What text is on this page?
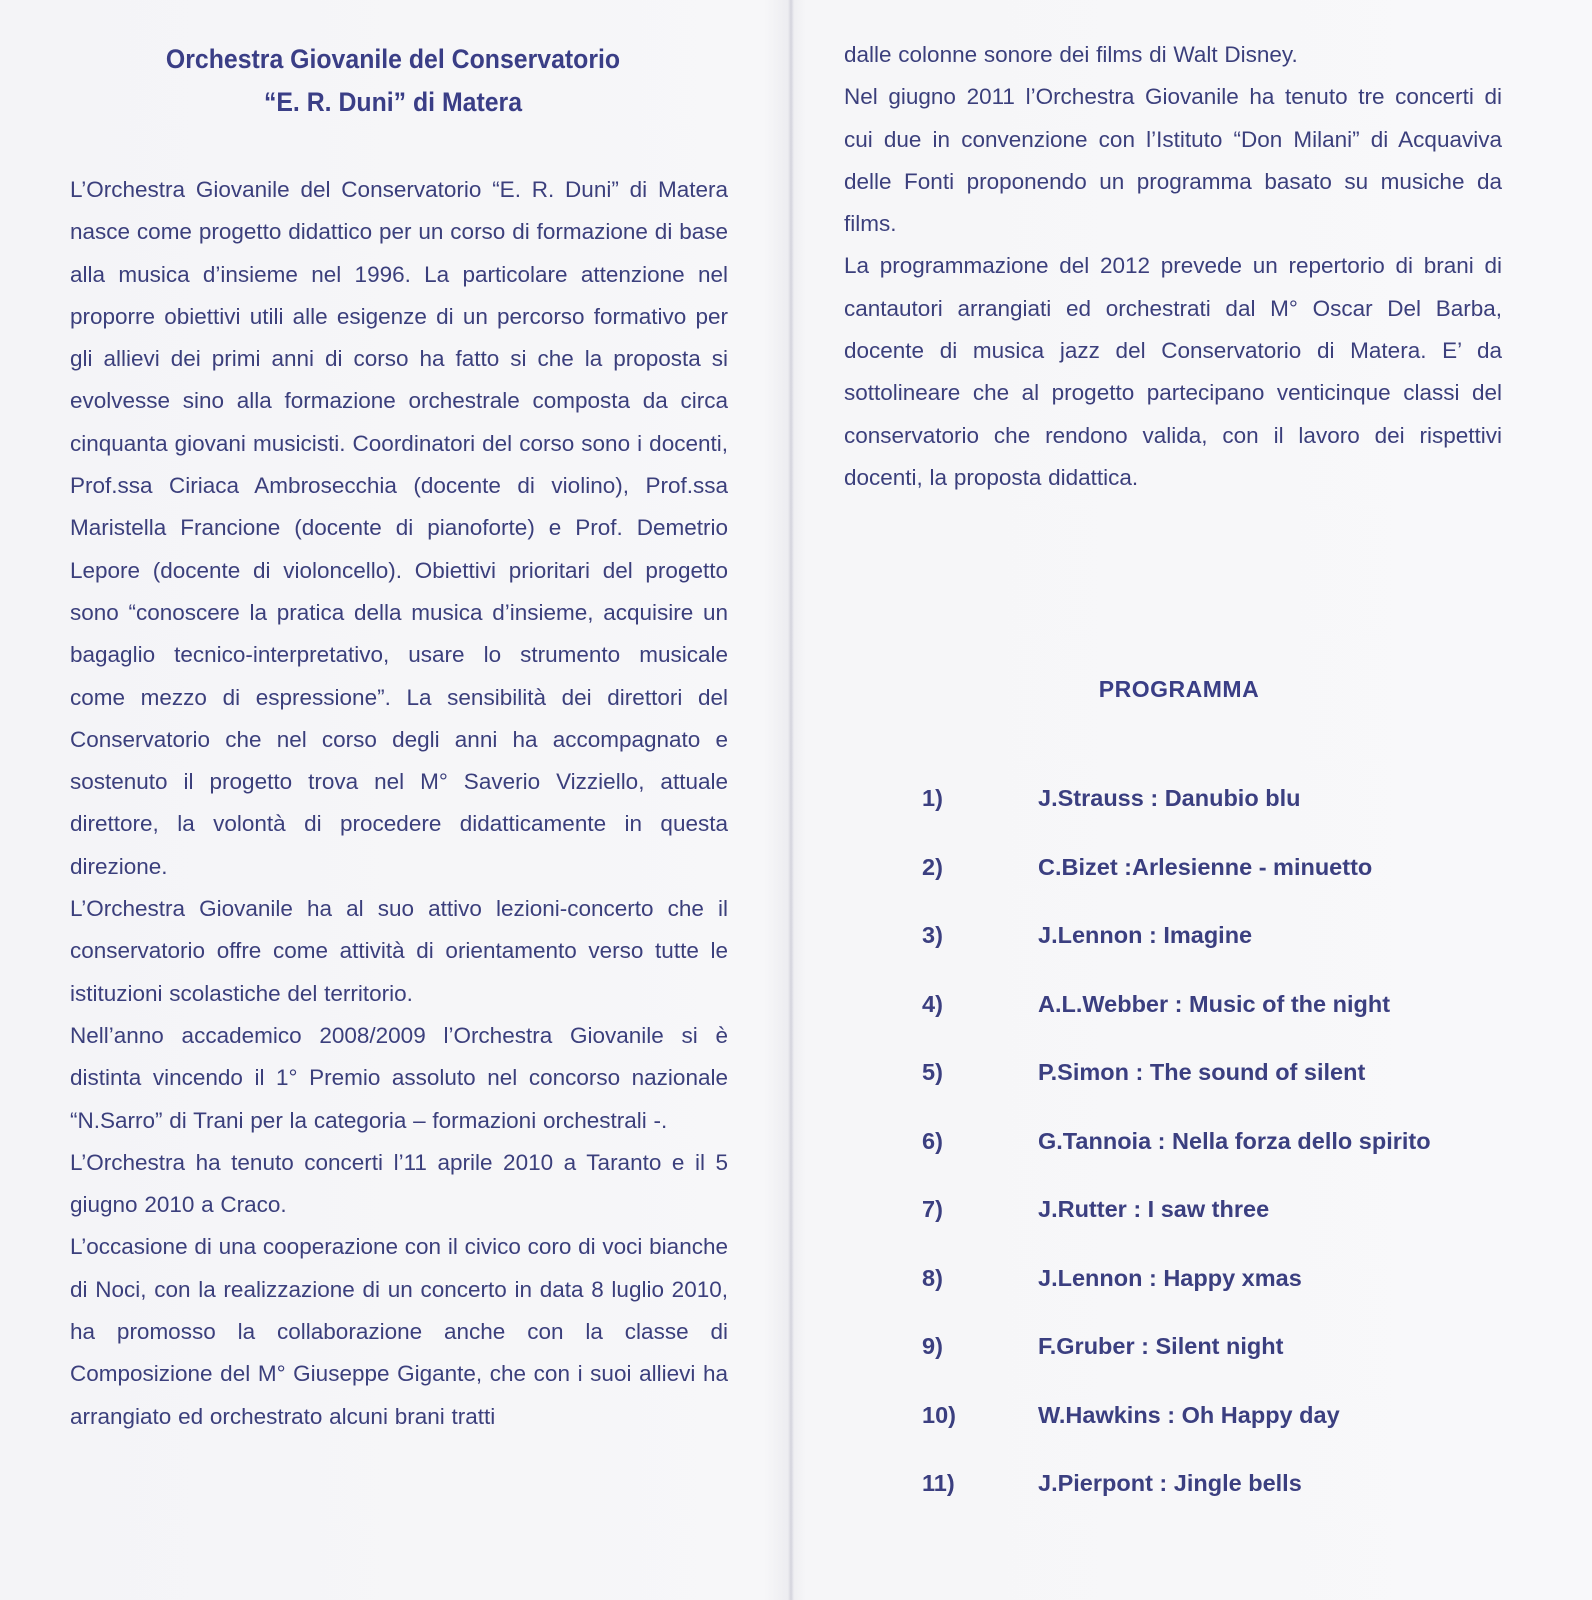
Orchestra Giovanile del Conservatorio
“E. R. Duni” di Matera

L’Orchestra Giovanile del Conservatorio “E. R. Duni” di Matera nasce come progetto didattico per un corso di formazione di base alla musica d’insieme nel 1996. La particolare attenzione nel proporre obiettivi utili alle esigenze di un percorso formativo per gli allievi dei primi anni di corso ha fatto si che la proposta si evolvesse sino alla formazione orchestrale composta da circa cinquanta giovani musicisti. Coordinatori del corso sono i docenti, Prof.ssa Ciriaca Ambrosecchia (docente di violino), Prof.ssa Maristella Francione (docente di pianoforte) e Prof. Demetrio Lepore (docente di violoncello). Obiettivi prioritari del progetto sono “conoscere la pratica della musica d’insieme, acquisire un bagaglio tecnico-interpretativo, usare lo strumento musicale come mezzo di espressione”. La sensibilità dei direttori del Conservatorio che nel corso degli anni ha accompagnato e sostenuto il progetto trova nel M° Saverio Vizziello, attuale direttore, la volontà di procedere didatticamente in questa direzione.

L’Orchestra Giovanile ha al suo attivo lezioni-concerto che il conservatorio offre come attività di orientamento verso tutte le istituzioni scolastiche del territorio.

Nell’anno accademico 2008/2009 l’Orchestra Giovanile si è distinta vincendo il 1° Premio assoluto nel concorso nazionale “N.Sarro” di Trani per la categoria – formazioni orchestrali -.

L’Orchestra ha tenuto concerti l’11 aprile 2010 a Taranto e il 5 giugno 2010 a Craco.

L’occasione di una cooperazione con il civico coro di voci bianche di Noci, con la realizzazione di un concerto in data 8 luglio 2010, ha promosso la collaborazione anche con la classe di Composizione del M° Giuseppe Gigante, che con i suoi allievi ha arrangiato ed orchestrato alcuni brani tratti

dalle colonne sonore dei films di Walt Disney.

Nel giugno 2011 l’Orchestra Giovanile ha tenuto tre concerti di cui due in convenzione con l’Istituto “Don Milani” di Acquaviva delle Fonti proponendo un programma basato su musiche da films.

La programmazione del 2012 prevede un repertorio di brani di cantautori arrangiati ed orchestrati dal M° Oscar Del Barba, docente di musica jazz del Conservatorio di Matera. E’ da sottolineare che al progetto partecipano venticinque classi del conservatorio che rendono valida, con il lavoro dei rispettivi docenti, la proposta didattica.

PROGRAMMA
1)	J.Strauss : Danubio blu
2)	C.Bizet :Arlesienne - minuetto
3)	J.Lennon : Imagine
4)	A.L.Webber : Music of the night
5)	P.Simon : The sound of silent
6)	G.Tannoia : Nella forza dello spirito
7)	J.Rutter : I saw three
8)	J.Lennon : Happy xmas
9)	F.Gruber : Silent night
10)	W.Hawkins : Oh Happy day
11)	J.Pierpont : Jingle bells
